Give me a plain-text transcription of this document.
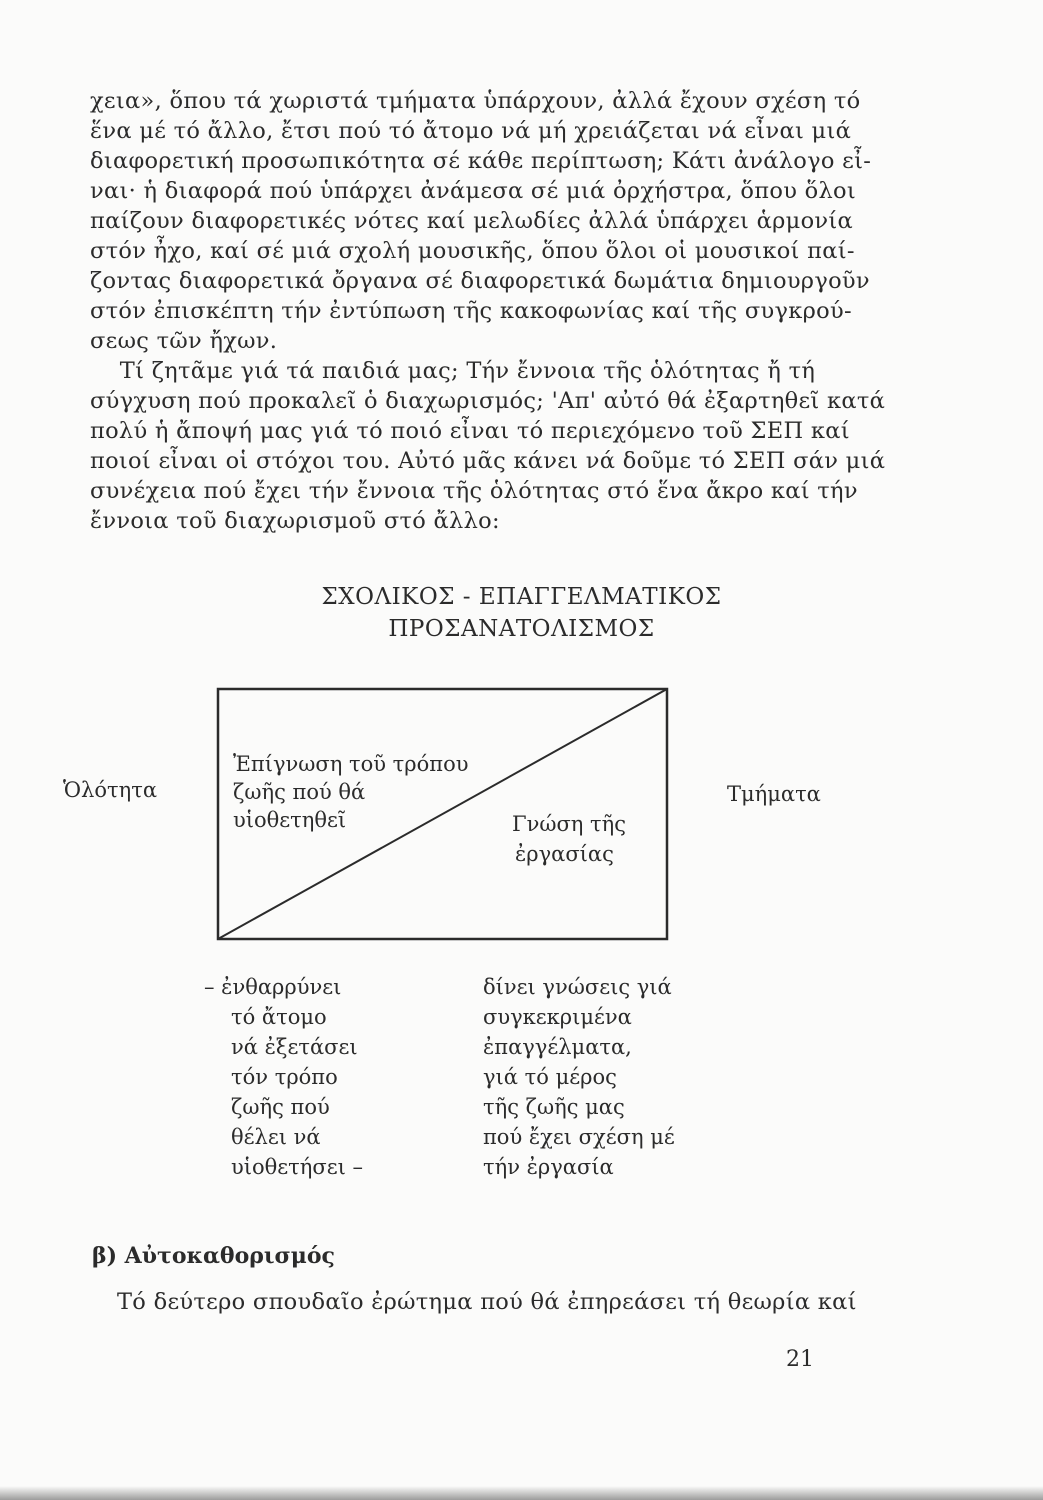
χεια», ὅπου τά χωριστά τμήματα ὑπάρχουν, ἀλλά ἔχουν σχέση τό
ἕνα μέ τό ἄλλο, ἔτσι πού τό ἄτομο νά μή χρειάζεται νά εἶναι μιά
διαφορετική προσωπικότητα σέ κάθε περίπτωση; Κάτι ἀνάλογο εἶ-
ναι· ἡ διαφορά πού ὑπάρχει ἀνάμεσα σέ μιά ὀρχήστρα, ὅπου ὅλοι
παίζουν διαφορετικές νότες καί μελωδίες ἀλλά ὑπάρχει ἁρμονία
στόν ἦχο, καί σέ μιά σχολή μουσικῆς, ὅπου ὅλοι οἱ μουσικοί παί-
ζοντας διαφορετικά ὄργανα σέ διαφορετικά δωμάτια δημιουργοῦν
στόν ἐπισκέπτη τήν ἐντύπωση τῆς κακοφωνίας καί τῆς συγκρού-
σεως τῶν ἤχων.
Τί ζητᾶμε γιά τά παιδιά μας; Τήν ἔννοια τῆς ὁλότητας ἤ τή
σύγχυση πού προκαλεῖ ὁ διαχωρισμός; 'Απ' αὐτό θά ἐξαρτηθεῖ κατά
πολύ ἡ ἄποψή μας γιά τό ποιό εἶναι τό περιεχόμενο τοῦ ΣΕΠ καί
ποιοί εἶναι οἱ στόχοι του. Αὐτό μᾶς κάνει νά δοῦμε τό ΣΕΠ σάν μιά
συνέχεια πού ἔχει τήν ἔννοια τῆς ὁλότητας στό ἕνα ἄκρο καί τήν
ἔννοια τοῦ διαχωρισμοῦ στό ἄλλο:
ΣΧΟΛΙΚΟΣ - ΕΠΑΓΓΕΛΜΑΤΙΚΟΣ
ΠΡΟΣΑΝΑΤΟΛΙΣΜΟΣ
Ὁλότητα	Τμήματα
Ἐπίγνωση τοῦ τρόπου
ζωῆς πού θά
υἱοθετηθεῖ	Γνώση τῆς
ἐργασίας
– ἐνθαρρύνει
τό ἄτομο
νά ἐξετάσει
τόν τρόπο
ζωῆς πού
θέλει νά
υἱοθετήσει –
δίνει γνώσεις γιά
συγκεκριμένα
ἐπαγγέλματα,
γιά τό μέρος
τῆς ζωῆς μας
πού ἔχει σχέση μέ
τήν ἐργασία
β) Αὐτοκαθορισμός
Τό δεύτερο σπουδαῖο ἐρώτημα πού θά ἐπηρεάσει τή θεωρία καί
21
